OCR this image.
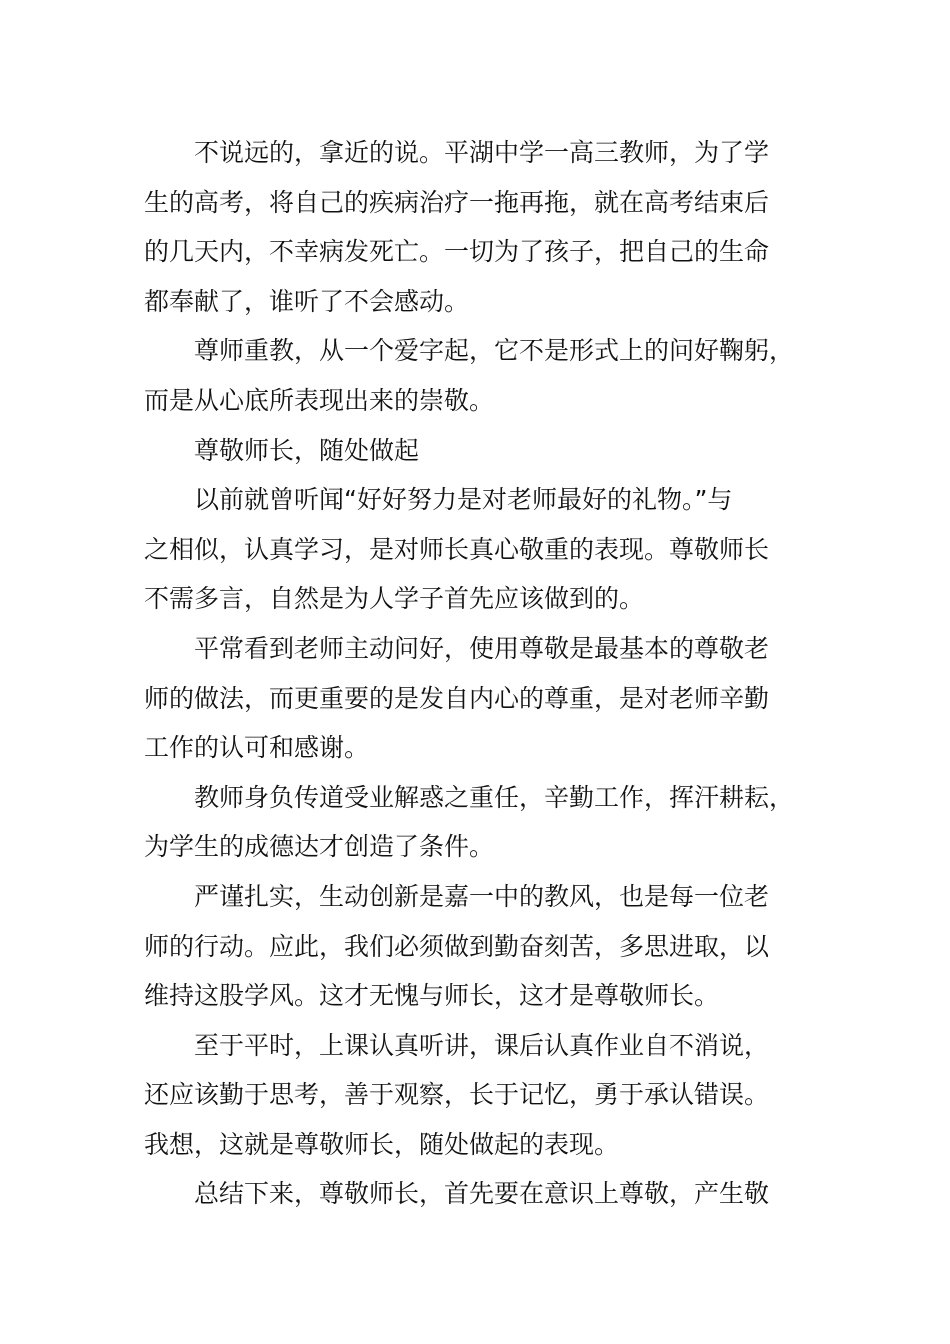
不说远的，拿近的说。平湖中学一高三教师，为了学
生的高考，将自己的疾病治疗一拖再拖，就在高考结束后
的几天内，不幸病发死亡。一切为了孩子，把自己的生命
都奉献了，谁听了不会感动。
尊师重教，从一个爱字起，它不是形式上的问好鞠躬，
而是从心底所表现出来的崇敬。
尊敬师长，随处做起
以前就曾听闻“好好努力是对老师最好的礼物。”与
之相似，认真学习，是对师长真心敬重的表现。尊敬师长
不需多言，自然是为人学子首先应该做到的。
平常看到老师主动问好，使用尊敬是最基本的尊敬老
师的做法，而更重要的是发自内心的尊重，是对老师辛勤
工作的认可和感谢。
教师身负传道受业解惑之重任，辛勤工作，挥汗耕耘，
为学生的成德达才创造了条件。
严谨扎实，生动创新是嘉一中的教风，也是每一位老
师的行动。应此，我们必须做到勤奋刻苦，多思进取，以
维持这股学风。这才无愧与师长，这才是尊敬师长。
至于平时，上课认真听讲，课后认真作业自不消说，
还应该勤于思考，善于观察，长于记忆，勇于承认错误。
我想，这就是尊敬师长，随处做起的表现。
总结下来，尊敬师长，首先要在意识上尊敬，产生敬
